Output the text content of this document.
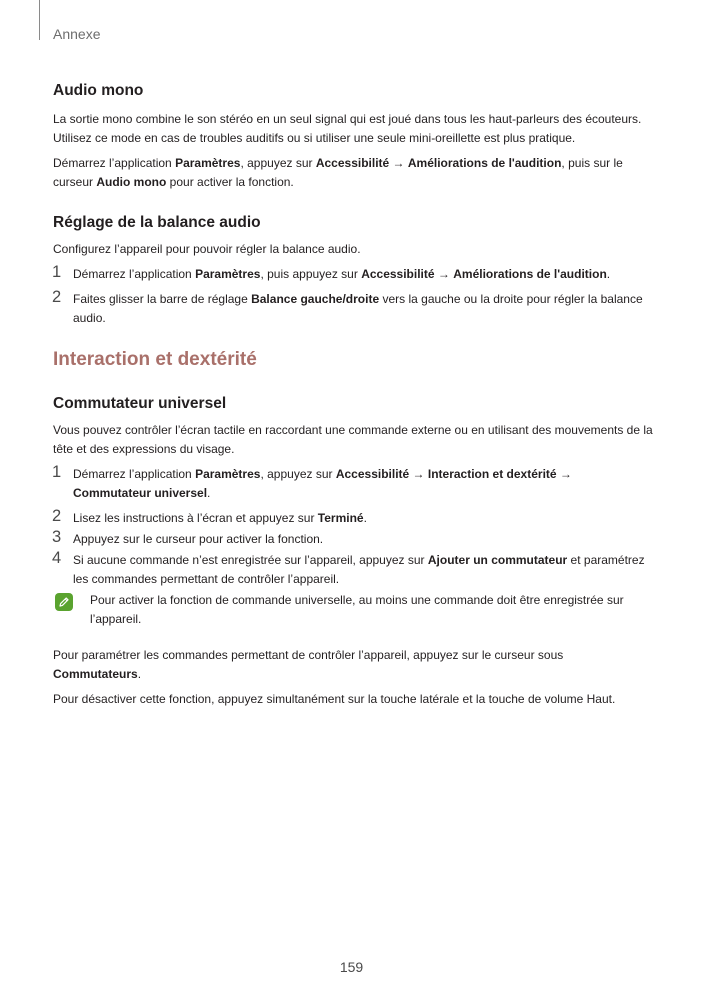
Annexe
Audio mono

La sortie mono combine le son stéréo en un seul signal qui est joué dans tous les haut-parleurs des écouteurs. Utilisez ce mode en cas de troubles auditifs ou si utiliser une seule mini-oreillette est plus pratique.

Démarrez l’application Paramètres, appuyez sur Accessibilité → Améliorations de l'audition, puis sur le curseur Audio mono pour activer la fonction.

Réglage de la balance audio

Configurez l’appareil pour pouvoir régler la balance audio.

1 Démarrez l’application Paramètres, puis appuyez sur Accessibilité → Améliorations de l'audition.
2 Faites glisser la barre de réglage Balance gauche/droite vers la gauche ou la droite pour régler la balance audio.
Interaction et dextérité
Commutateur universel

Vous pouvez contrôler l’écran tactile en raccordant une commande externe ou en utilisant des mouvements de la tête et des expressions du visage.

1 Démarrez l’application Paramètres, appuyez sur Accessibilité → Interaction et dextérité → Commutateur universel.
2 Lisez les instructions à l’écran et appuyez sur Terminé.
3 Appuyez sur le curseur pour activer la fonction.
4 Si aucune commande n’est enregistrée sur l’appareil, appuyez sur Ajouter un commutateur et paramétrez les commandes permettant de contrôler l’appareil.

Pour activer la fonction de commande universelle, au moins une commande doit être enregistrée sur l’appareil.

Pour paramétrer les commandes permettant de contrôler l’appareil, appuyez sur le curseur sous Commutateurs.

Pour désactiver cette fonction, appuyez simultanément sur la touche latérale et la touche de volume Haut.

159
